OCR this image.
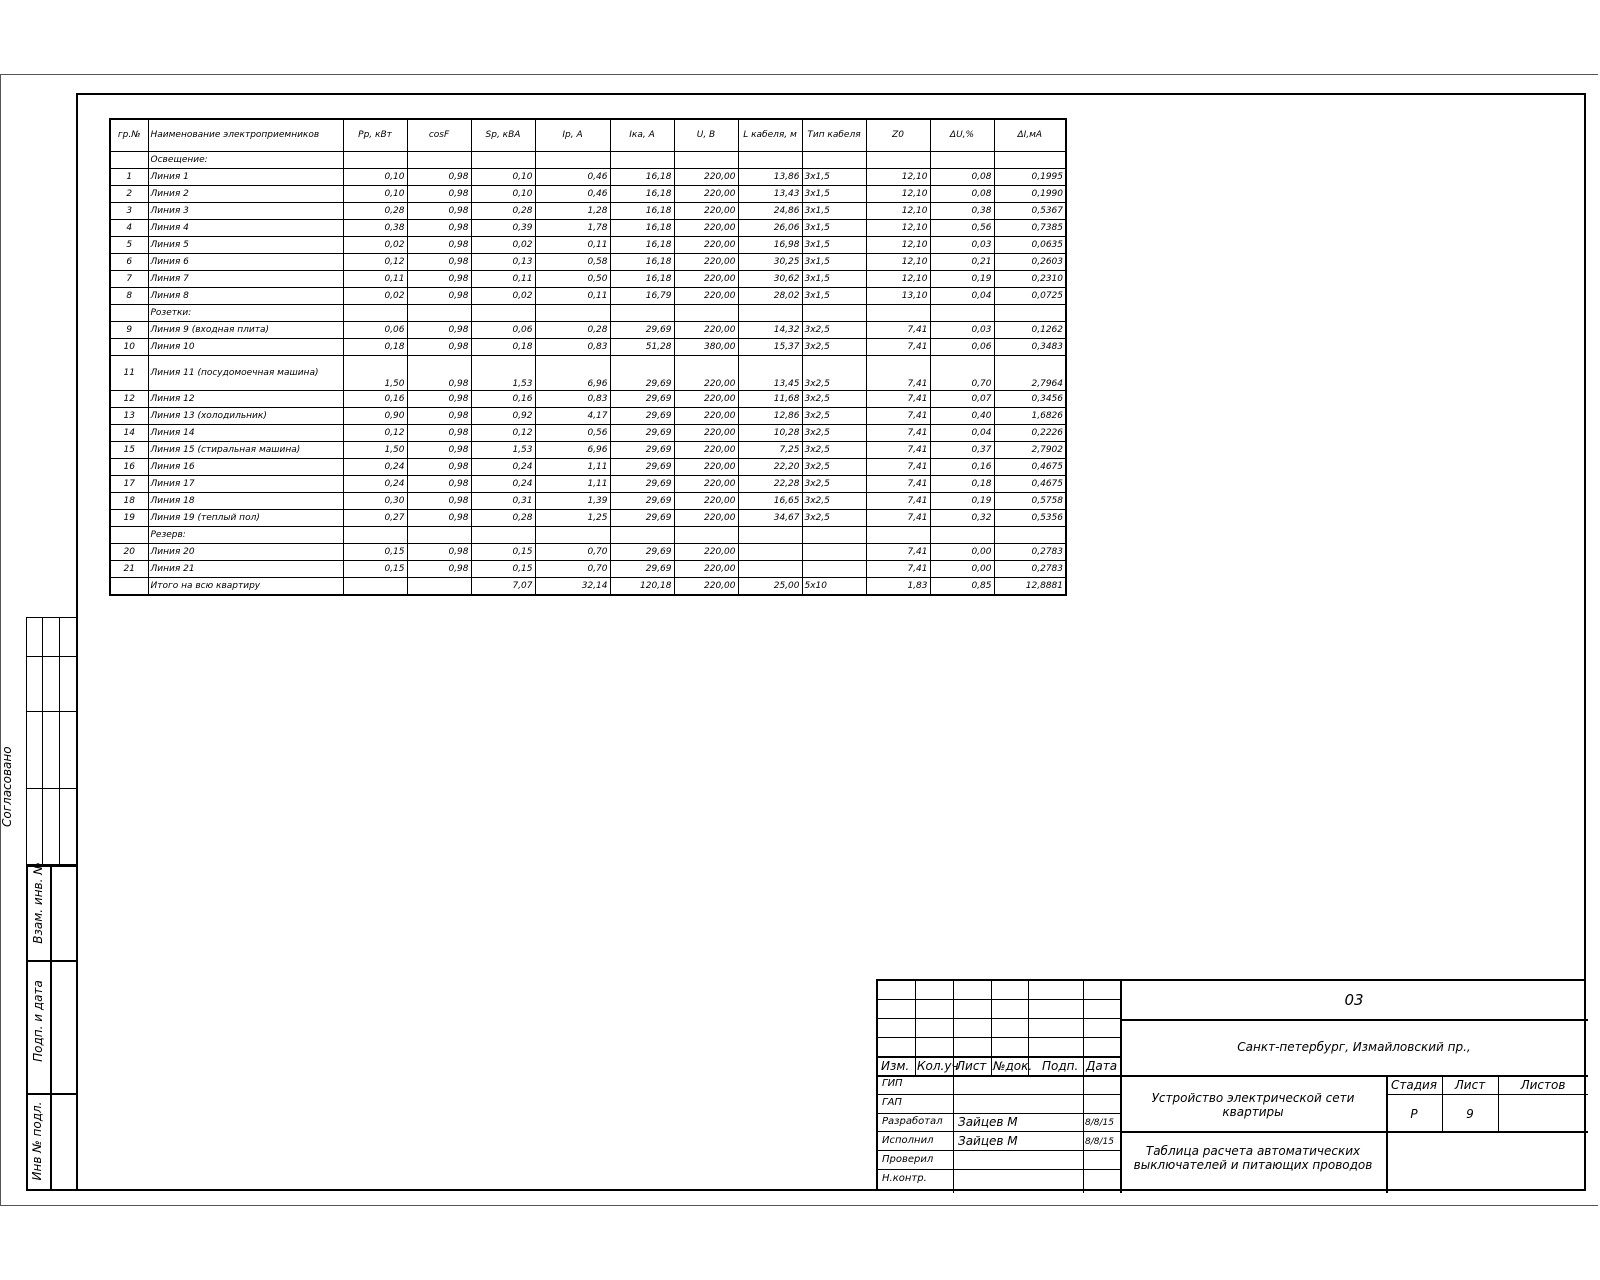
гр.№	Наименование электроприемников	Рр, кВт	cosF	Sp, кВА	Ip, А	Iка, А	U, В	L кабеля, м	Тип кабеля	Z0	ΔU,%	ΔI,мА
	Освещение:											
1	Линия 1	0,10	0,98	0,10	0,46	16,18	220,00	13,86	3x1,5	12,10	0,08	0,1995
2	Линия 2	0,10	0,98	0,10	0,46	16,18	220,00	13,43	3x1,5	12,10	0,08	0,1990
3	Линия 3	0,28	0,98	0,28	1,28	16,18	220,00	24,86	3x1,5	12,10	0,38	0,5367
4	Линия 4	0,38	0,98	0,39	1,78	16,18	220,00	26,06	3x1,5	12,10	0,56	0,7385
5	Линия 5	0,02	0,98	0,02	0,11	16,18	220,00	16,98	3x1,5	12,10	0,03	0,0635
6	Линия 6	0,12	0,98	0,13	0,58	16,18	220,00	30,25	3x1,5	12,10	0,21	0,2603
7	Линия 7	0,11	0,98	0,11	0,50	16,18	220,00	30,62	3x1,5	12,10	0,19	0,2310
8	Линия 8	0,02	0,98	0,02	0,11	16,79	220,00	28,02	3x1,5	13,10	0,04	0,0725
	Розетки:											
9	Линия 9 (входная плита)	0,06	0,98	0,06	0,28	29,69	220,00	14,32	3x2,5	7,41	0,03	0,1262
10	Линия 10	0,18	0,98	0,18	0,83	51,28	380,00	15,37	3x2,5	7,41	0,06	0,3483
11	Линия 11 (посудомоечная машина)	1,50	0,98	1,53	6,96	29,69	220,00	13,45	3x2,5	7,41	0,70	2,7964
12	Линия 12	0,16	0,98	0,16	0,83	29,69	220,00	11,68	3x2,5	7,41	0,07	0,3456
13	Линия 13 (холодильник)	0,90	0,98	0,92	4,17	29,69	220,00	12,86	3x2,5	7,41	0,40	1,6826
14	Линия 14	0,12	0,98	0,12	0,56	29,69	220,00	10,28	3x2,5	7,41	0,04	0,2226
15	Линия 15 (стиральная машина)	1,50	0,98	1,53	6,96	29,69	220,00	7,25	3x2,5	7,41	0,37	2,7902
16	Линия 16	0,24	0,98	0,24	1,11	29,69	220,00	22,20	3x2,5	7,41	0,16	0,4675
17	Линия 17	0,24	0,98	0,24	1,11	29,69	220,00	22,28	3x2,5	7,41	0,18	0,4675
18	Линия 18	0,30	0,98	0,31	1,39	29,69	220,00	16,65	3x2,5	7,41	0,19	0,5758
19	Линия 19 (теплый пол)	0,27	0,98	0,28	1,25	29,69	220,00	34,67	3x2,5	7,41	0,32	0,5356
	Резерв:											
20	Линия 20	0,15	0,98	0,15	0,70	29,69	220,00			7,41	0,00	0,2783
21	Линия 21	0,15	0,98	0,15	0,70	29,69	220,00			7,41	0,00	0,2783
	Итого на всю квартиру			7,07	32,14	120,18	220,00	25,00	5х10	1,83	0,85	12,8881
Согласовано
Взам. инв. №
Подп. и дата
Инв № подл.
Изм. Кол.уч
Лист №док. Подп. Дата
ГИП
ГАП
Разработал
Исполнил
Проверил
Н.контр.
Зайцев М
Зайцев М
8/8/15
8/8/15
03
Санкт-петербург, Измайловский пр.,
Устройство электрической сети квартиры
Стадия	Лист	Листов
Р	9
Таблица расчета автоматических выключателей и питающих проводов
